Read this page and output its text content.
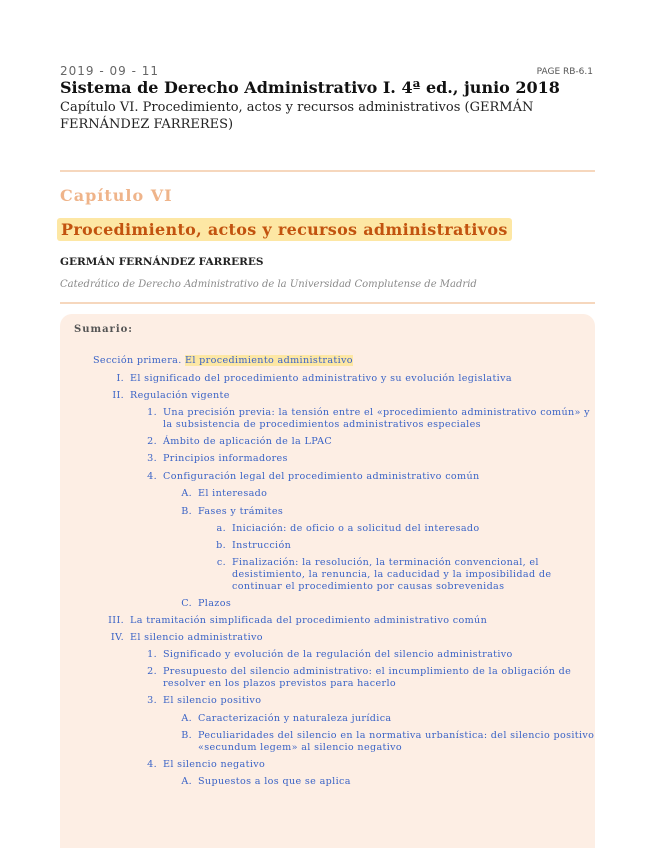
2019 - 09 - 11	PAGE RB-6.1
Sistema de Derecho Administrativo I. 4ª ed., junio 2018
Capítulo VI. Procedimiento, actos y recursos administrativos (GERMÁN FERNÁNDEZ FARRERES)
Capítulo VI
Procedimiento, actos y recursos administrativos
GERMÁN FERNÁNDEZ FARRERES
Catedrático de Derecho Administrativo de la Universidad Complutense de Madrid
Sumario:
Sección primera. El procedimiento administrativo
I. El significado del procedimiento administrativo y su evolución legislativa
II. Regulación vigente
1. Una precisión previa: la tensión entre el «procedimiento administrativo común» y
la subsistencia de procedimientos administrativos especiales
2. Ámbito de aplicación de la LPAC
3. Principios informadores
4. Configuración legal del procedimiento administrativo común
A. El interesado
B. Fases y trámites
a. Iniciación: de oficio o a solicitud del interesado
b. Instrucción
c. Finalización: la resolución, la terminación convencional, el
desistimiento, la renuncia, la caducidad y la imposibilidad de
continuar el procedimiento por causas sobrevenidas
C. Plazos
III. La tramitación simplificada del procedimiento administrativo común
IV. El silencio administrativo
1. Significado y evolución de la regulación del silencio administrativo
2. Presupuesto del silencio administrativo: el incumplimiento de la obligación de
resolver en los plazos previstos para hacerlo
3. El silencio positivo
A. Caracterización y naturaleza jurídica
B. Peculiaridades del silencio en la normativa urbanística: del silencio positivo
«secundum legem» al silencio negativo
4. El silencio negativo
A. Supuestos a los que se aplica
